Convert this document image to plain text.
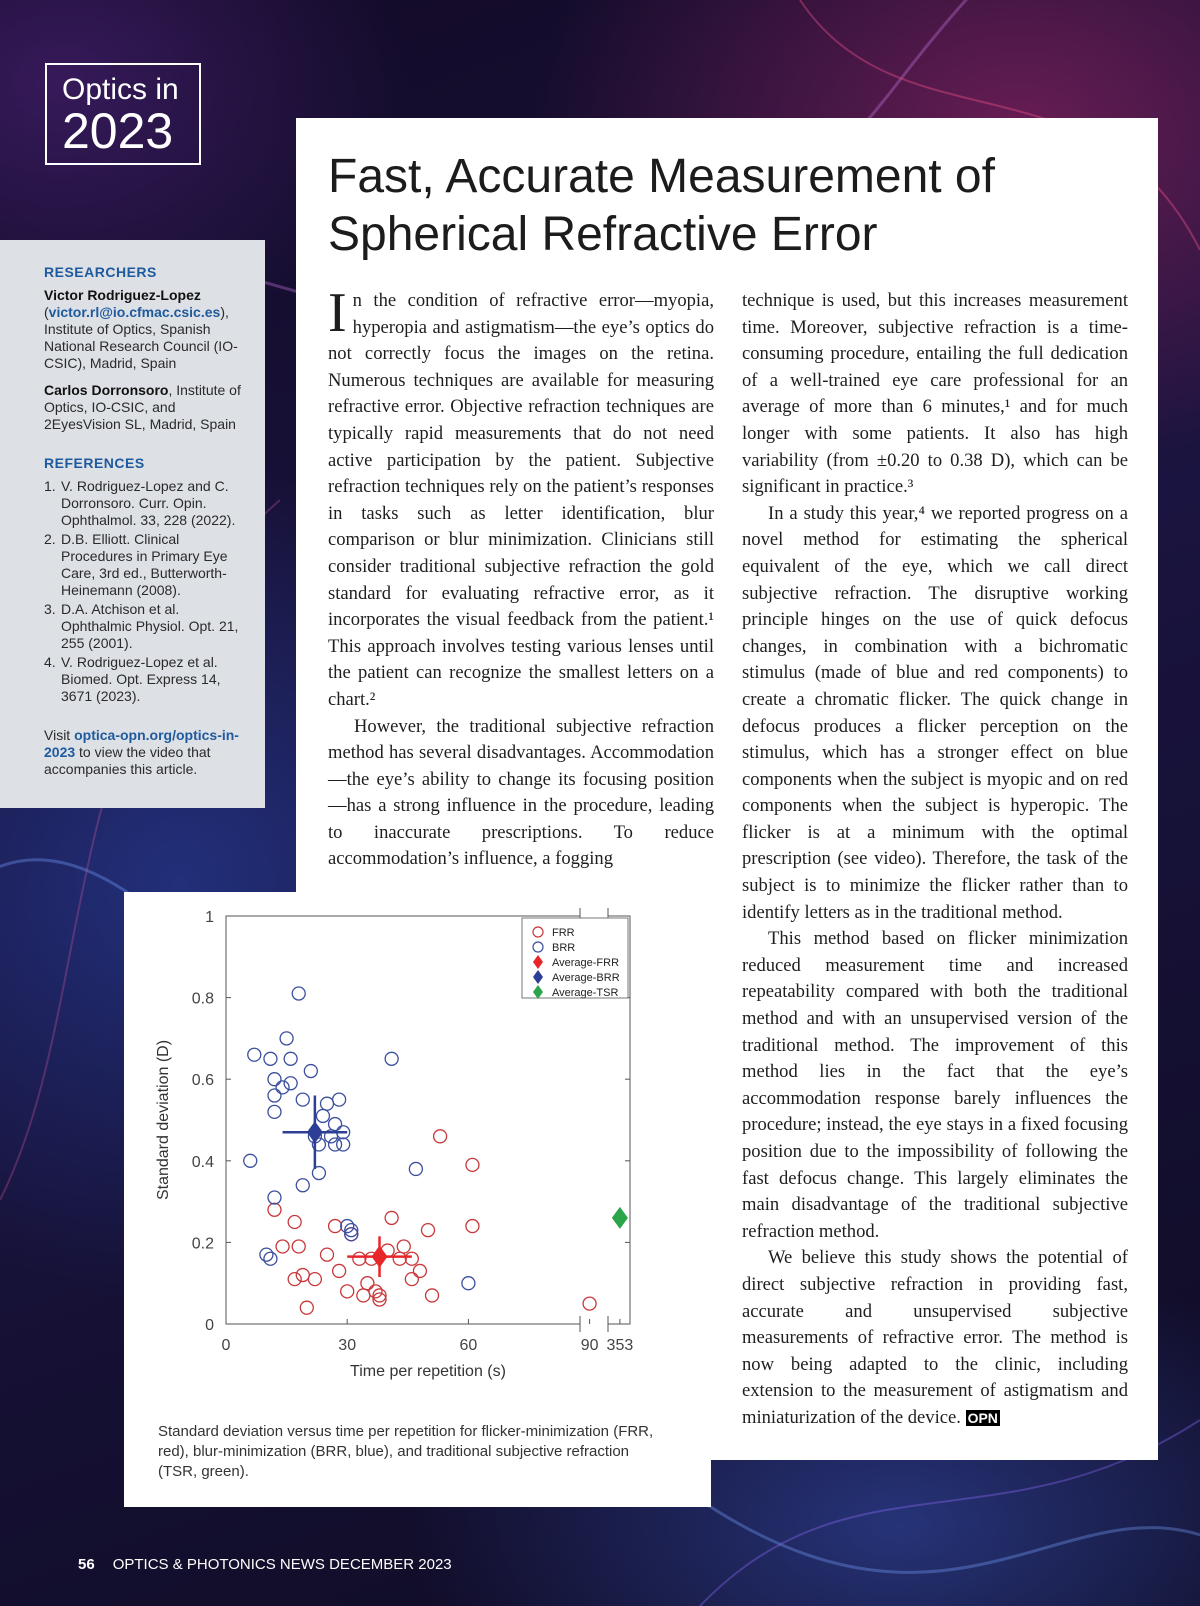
Optics in
2023
RESEARCHERS
Victor Rodriguez-Lopez
(victor.rl@io.cfmac.csic.es), Institute of Optics, Spanish National Research Council (IO-CSIC), Madrid, Spain
Carlos Dorronsoro, Institute of Optics, IO-CSIC, and 2EyesVision SL, Madrid, Spain
REFERENCES
1. V. Rodriguez-Lopez and C. Dorronsoro. Curr. Opin. Ophthalmol. 33, 228 (2022).
2. D.B. Elliott. Clinical Procedures in Primary Eye Care, 3rd ed., Butterworth-Heinemann (2008).
3. D.A. Atchison et al. Ophthalmic Physiol. Opt. 21, 255 (2001).
4. V. Rodriguez-Lopez et al. Biomed. Opt. Express 14, 3671 (2023).
Visit optica-opn.org/optics-in-2023 to view the video that accompanies this article.
Fast, Accurate Measurement of Spherical Refractive Error

In the condition of refractive error—myopia, hyperopia and astigmatism—the eye’s optics do not correctly focus the images on the retina. Numerous techniques are available for measuring refractive error. Objective refraction techniques are typically rapid measurements that do not need active participation by the patient. Subjective refraction techniques rely on the patient’s responses in tasks such as letter identification, blur comparison or blur minimization. Clinicians still consider traditional subjective refraction the gold standard for evaluating refractive error, as it incorporates the visual feedback from the patient.¹ This approach involves testing various lenses until the patient can recognize the smallest letters on a chart.²

However, the traditional subjective refraction method has several disadvantages. Accommodation—the eye’s ability to change its focusing position—has a strong influence in the procedure, leading to inaccurate prescriptions. To reduce accommodation’s influence, a fogging

technique is used, but this increases measurement time. Moreover, subjective refraction is a time-consuming procedure, entailing the full dedication of a well-trained eye care professional for an average of more than 6 minutes,¹ and for much longer with some patients. It also has high variability (from ±0.20 to 0.38 D), which can be significant in practice.³

In a study this year,⁴ we reported progress on a novel method for estimating the spherical equivalent of the eye, which we call direct subjective refraction. The disruptive working principle hinges on the use of quick defocus changes, in combination with a bichromatic stimulus (made of blue and red components) to create a chromatic flicker. The quick change in defocus produces a flicker perception on the stimulus, which has a stronger effect on blue components when the subject is myopic and on red components when the subject is hyperopic. The flicker is at a minimum with the optimal prescription (see video). Therefore, the task of the subject is to minimize the flicker rather than to identify letters as in the traditional method.

This method based on flicker minimization reduced measurement time and increased repeatability compared with both the traditional method and with an unsupervised version of the traditional method. The improvement of this method lies in the fact that the eye’s accommodation response barely influences the procedure; instead, the eye stays in a fixed focusing position due to the impossibility of following the fast defocus change. This largely eliminates the main disadvantage of the traditional subjective refraction method.

We believe this study shows the potential of direct subjective refraction in providing fast, accurate and unsupervised subjective measurements of refractive error. The method is now being adapted to the clinic, including extension to the measurement of astigmatism and miniaturization of the device. OPN

0
0.2
0.4
0.6
0.8
1
0	30	60	90 353
Time per repetition (s)
Standard deviation (D)
FRR
BRR
Average-FRR
Average-BRR
Average-TSR
Standard deviation versus time per repetition for flicker-minimization (FRR, red), blur-minimization (BRR, blue), and traditional subjective refraction (TSR, green).
56 OPTICS & PHOTONICS NEWS DECEMBER 2023
